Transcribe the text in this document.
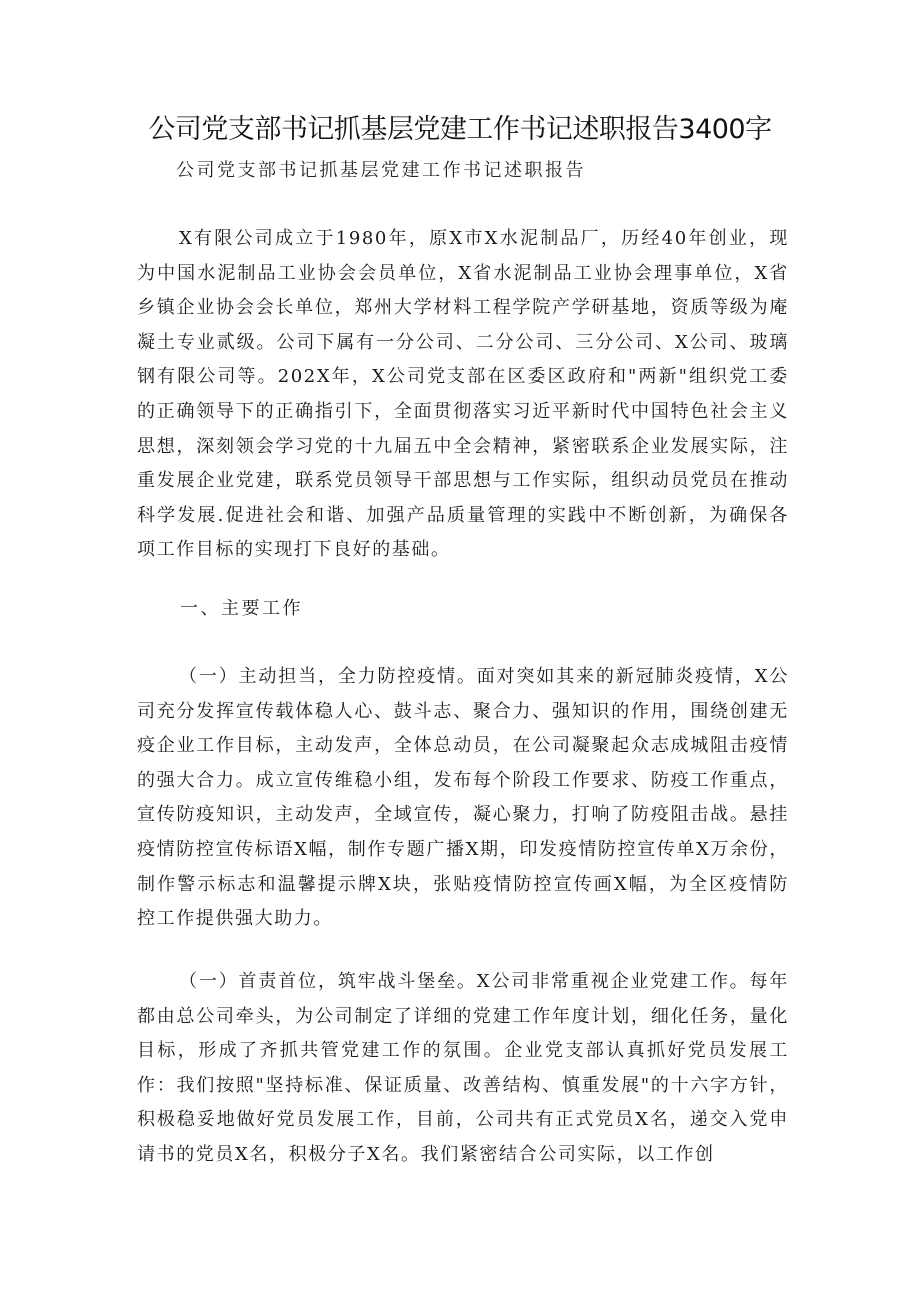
公司党支部书记抓基层党建工作书记述职报告3400字

公司党支部书记抓基层党建工作书记述职报告

X有限公司成立于1980年，原X市X水泥制品厂，历经40年创业，现为中国水泥制品工业协会会员单位，X省水泥制品工业协会理事单位，X省乡镇企业协会会长单位，郑州大学材料工程学院产学研基地，资质等级为庵凝土专业贰级。公司下属有一分公司、二分公司、三分公司、X公司、玻璃钢有限公司等。202X年，X公司党支部在区委区政府和"两新"组织党工委的正确领导下的正确指引下，全面贯彻落实习近平新时代中国特色社会主义思想，深刻领会学习党的十九届五中全会精神，紧密联系企业发展实际，注重发展企业党建，联系党员领导干部思想与工作实际，组织动员党员在推动科学发展.促进社会和谐、加强产品质量管理的实践中不断创新，为确保各项工作目标的实现打下良好的基础。

一、主要工作

（一）主动担当，全力防控疫情。面对突如其来的新冠肺炎疫情，X公司充分发挥宣传载体稳人心、鼓斗志、聚合力、强知识的作用，围绕创建无疫企业工作目标，主动发声，全体总动员，在公司凝聚起众志成城阻击疫情的强大合力。成立宣传维稳小组，发布每个阶段工作要求、防疫工作重点，宣传防疫知识，主动发声，全域宣传，凝心聚力，打响了防疫阻击战。悬挂疫情防控宣传标语X幅，制作专题广播X期，印发疫情防控宣传单X万余份，制作警示标志和温馨提示牌X块，张贴疫情防控宣传画X幅，为全区疫情防控工作提供强大助力。

（一）首责首位，筑牢战斗堡垒。X公司非常重视企业党建工作。每年都由总公司牵头，为公司制定了详细的党建工作年度计划，细化任务，量化目标，形成了齐抓共管党建工作的氛围。企业党支部认真抓好党员发展工作：我们按照"坚持标准、保证质量、改善结构、慎重发展"的十六字方针，积极稳妥地做好党员发展工作，目前，公司共有正式党员X名，递交入党申请书的党员X名，积极分子X名。我们紧密结合公司实际，以工作创
